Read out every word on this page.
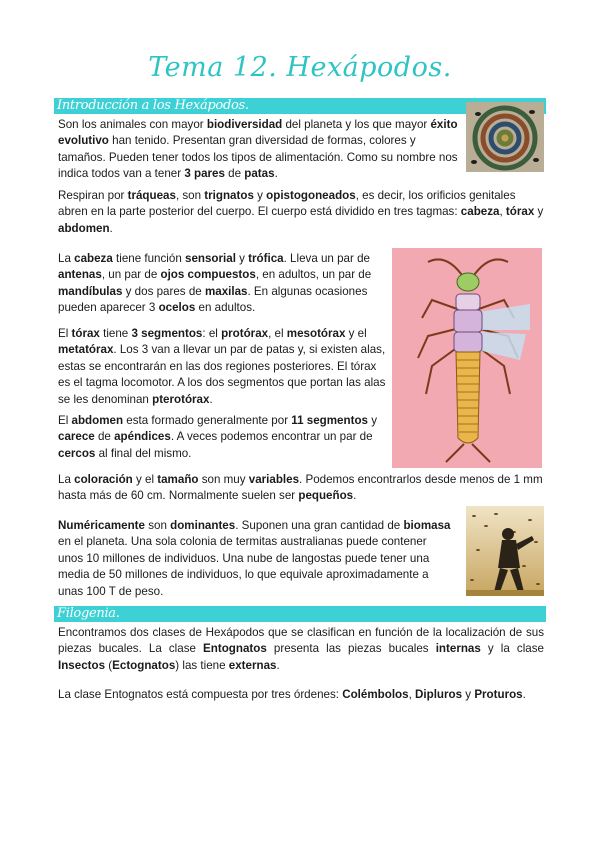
Tema 12. Hexápodos.
Introducción a los Hexápodos.

Son los animales con mayor biodiversidad del planeta y los que mayor éxito evolutivo han tenido. Presentan gran diversidad de formas, colores y tamaños. Pueden tener todos los tipos de alimentación. Como su nombre nos indica todos van a tener 3 pares de patas.

Respiran por tráqueas, son trignatos y opistogoneados, es decir, los orificios genitales abren en la parte posterior del cuerpo. El cuerpo está dividido en tres tagmas: cabeza, tórax y abdomen.

La cabeza tiene función sensorial y trófica. Lleva un par de antenas, un par de ojos compuestos, en adultos, un par de mandíbulas y dos pares de maxilas. En algunas ocasiones pueden aparecer 3 ocelos en adultos.

El tórax tiene 3 segmentos: el protórax, el mesotórax y el metatórax. Los 3 van a llevar un par de patas y, si existen alas, estas se encontrarán en las dos regiones posteriores. El tórax es el tagma locomotor. A los dos segmentos que portan las alas se les denominan pterotórax.

El abdomen esta formado generalmente por 11 segmentos y carece de apéndices. A veces podemos encontrar un par de cercos al final del mismo.

La coloración y el tamaño son muy variables. Podemos encontrarlos desde menos de 1 mm hasta más de 60 cm. Normalmente suelen ser pequeños.

Numéricamente son dominantes. Suponen una gran cantidad de biomasa en el planeta. Una sola colonia de termitas australianas puede contener unos 10 millones de individuos. Una nube de langostas puede tener una media de 50 millones de individuos, lo que equivale aproximadamente a unas 100 T de peso.

Filogenia.

Encontramos dos clases de Hexápodos que se clasifican en función de la localización de sus piezas bucales. La clase Entognatos presenta las piezas bucales internas y la clase Insectos (Ectognatos) las tiene externas.

La clase Entognatos está compuesta por tres órdenes: Colémbolos, Dipluros y Proturos.
